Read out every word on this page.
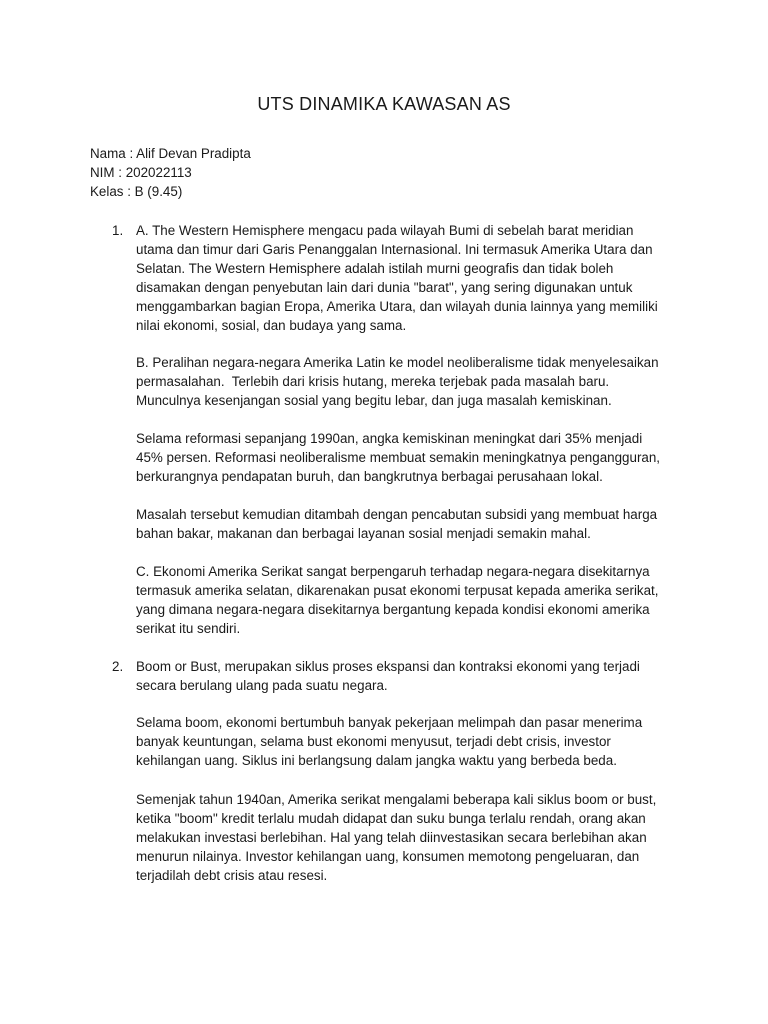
UTS DINAMIKA KAWASAN AS
Nama : Alif Devan Pradipta
NIM : 202022113
Kelas : B (9.45)
1. A. The Western Hemisphere mengacu pada wilayah Bumi di sebelah barat meridian
utama dan timur dari Garis Penanggalan Internasional. Ini termasuk Amerika Utara dan
Selatan. The Western Hemisphere adalah istilah murni geografis dan tidak boleh
disamakan dengan penyebutan lain dari dunia "barat", yang sering digunakan untuk
menggambarkan bagian Eropa, Amerika Utara, dan wilayah dunia lainnya yang memiliki
nilai ekonomi, sosial, dan budaya yang sama.
B. Peralihan negara-negara Amerika Latin ke model neoliberalisme tidak menyelesaikan
permasalahan.  Terlebih dari krisis hutang, mereka terjebak pada masalah baru.
Munculnya kesenjangan sosial yang begitu lebar, dan juga masalah kemiskinan.
Selama reformasi sepanjang 1990an, angka kemiskinan meningkat dari 35% menjadi
45% persen. Reformasi neoliberalisme membuat semakin meningkatnya pengangguran,
berkurangnya pendapatan buruh, dan bangkrutnya berbagai perusahaan lokal.
Masalah tersebut kemudian ditambah dengan pencabutan subsidi yang membuat harga
bahan bakar, makanan dan berbagai layanan sosial menjadi semakin mahal.
C. Ekonomi Amerika Serikat sangat berpengaruh terhadap negara-negara disekitarnya
termasuk amerika selatan, dikarenakan pusat ekonomi terpusat kepada amerika serikat,
yang dimana negara-negara disekitarnya bergantung kepada kondisi ekonomi amerika
serikat itu sendiri.
2. Boom or Bust, merupakan siklus proses ekspansi dan kontraksi ekonomi yang terjadi
secara berulang ulang pada suatu negara.
Selama boom, ekonomi bertumbuh banyak pekerjaan melimpah dan pasar menerima
banyak keuntungan, selama bust ekonomi menyusut, terjadi debt crisis, investor
kehilangan uang. Siklus ini berlangsung dalam jangka waktu yang berbeda beda.
Semenjak tahun 1940an, Amerika serikat mengalami beberapa kali siklus boom or bust,
ketika "boom" kredit terlalu mudah didapat dan suku bunga terlalu rendah, orang akan
melakukan investasi berlebihan. Hal yang telah diinvestasikan secara berlebihan akan
menurun nilainya. Investor kehilangan uang, konsumen memotong pengeluaran, dan
terjadilah debt crisis atau resesi.
